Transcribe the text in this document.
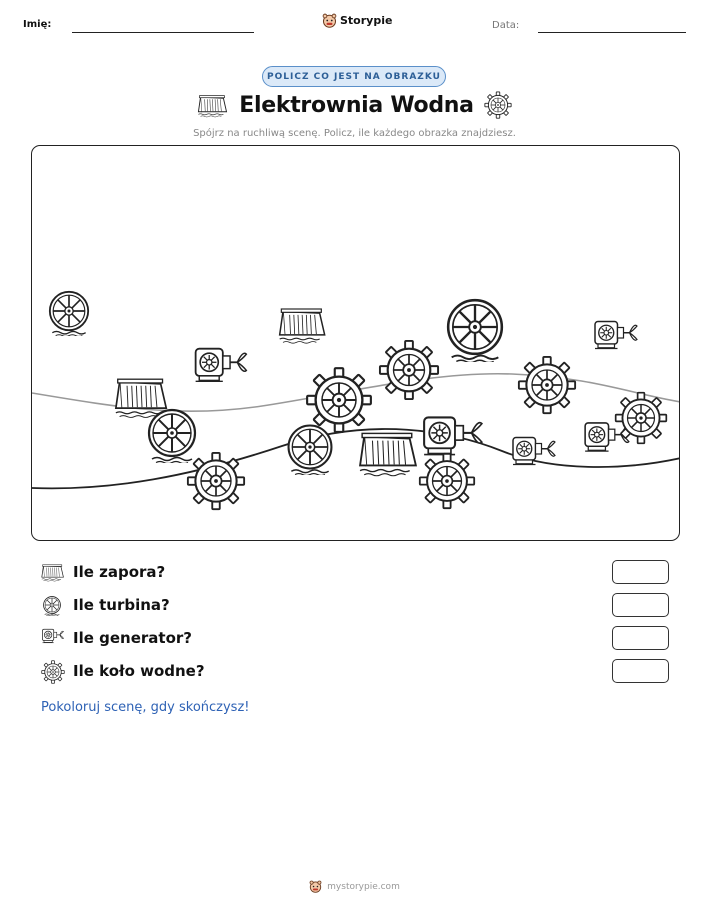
Imię:	Storypie	Data:
POLICZ CO JEST NA OBRAZKU
Elektrownia Wodna
Spójrz na ruchliwą scenę. Policz, ile każdego obrazka znajdziesz.
Ile zapora?
Ile turbina?
Ile generator?
Ile koło wodne?
Pokoloruj scenę, gdy skończysz!
mystorypie.com
